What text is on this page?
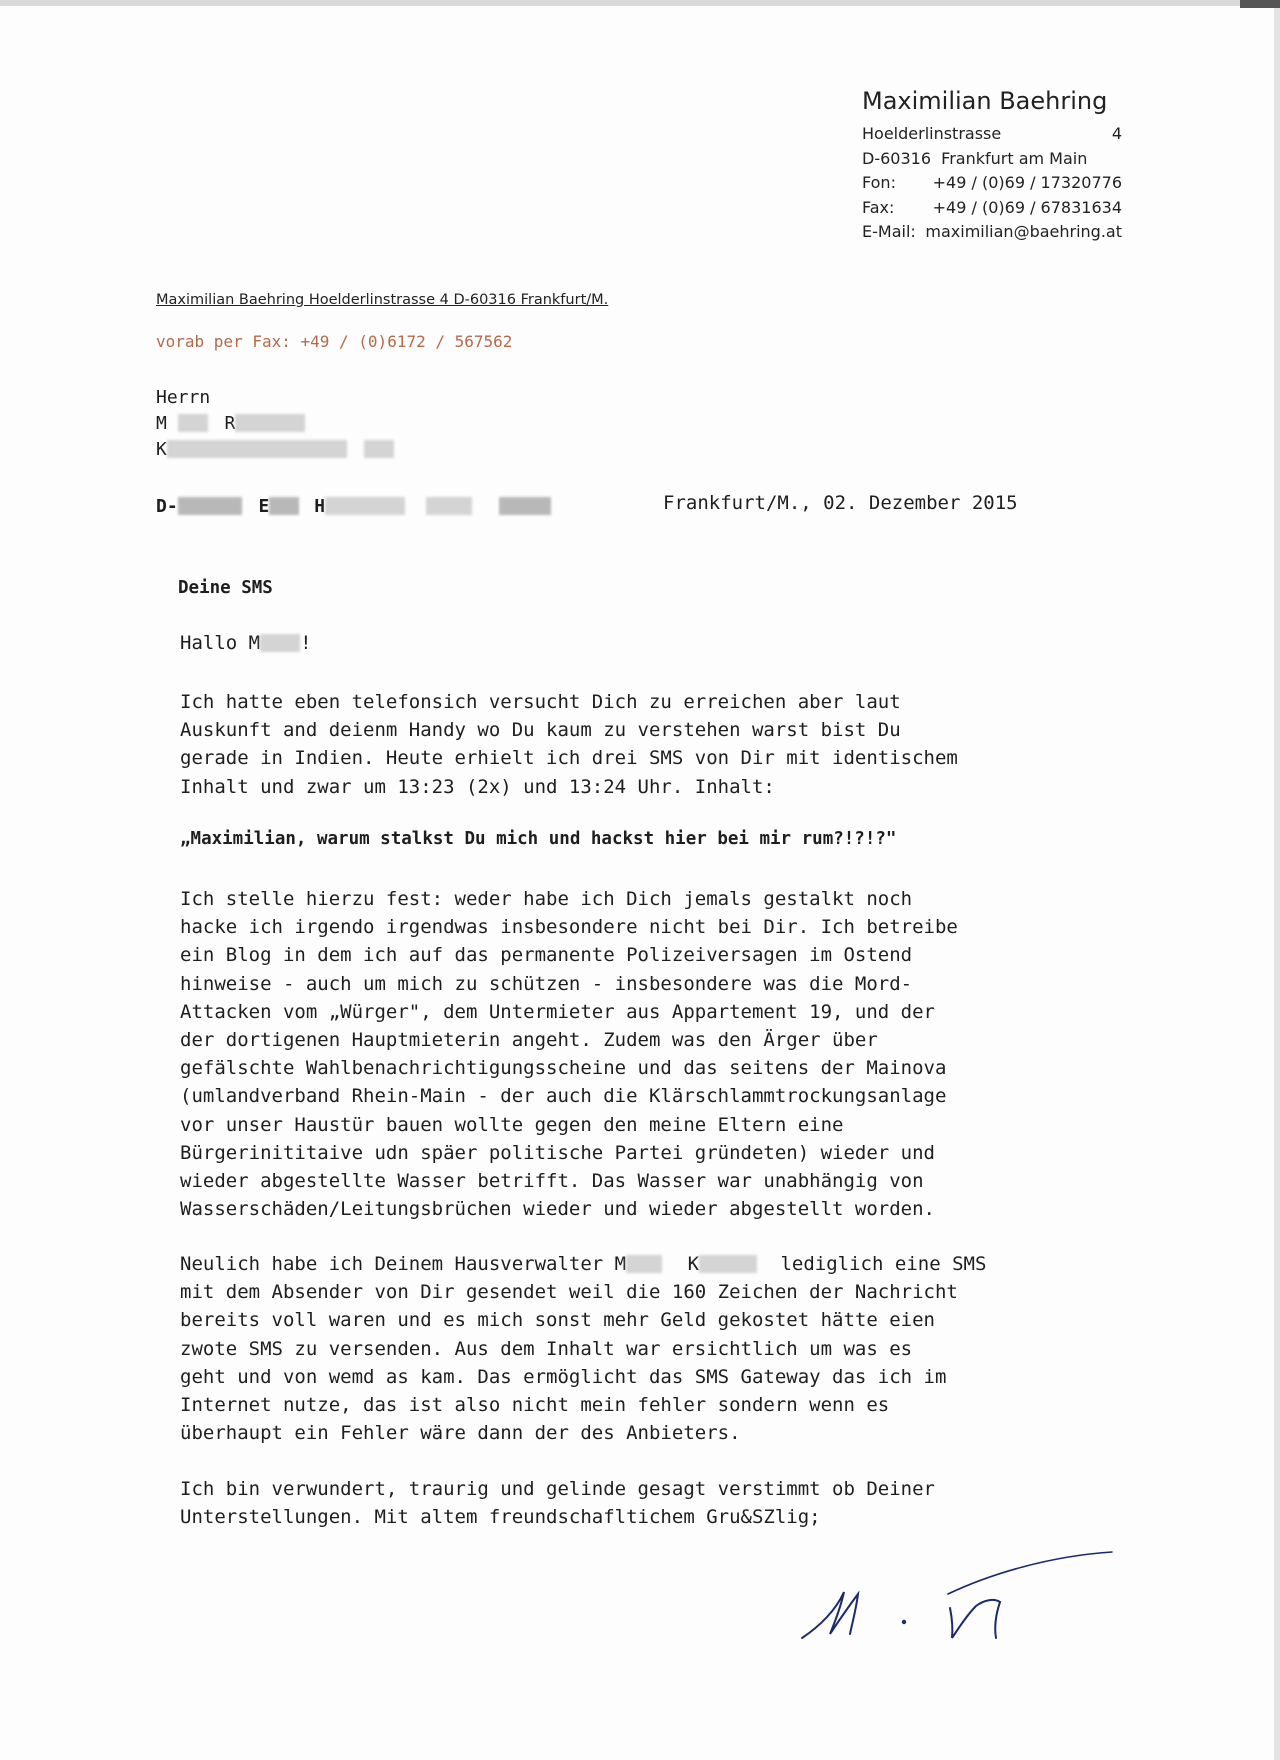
Maximilian Baehring
Hoelderlinstrasse	4
D-60316  Frankfurt am Main
Fon: +49 / (0)69 / 17320776
Fax: +49 / (0)69 / 67831634
E-Mail: maximilian@baehring.at
Maximilian Baehring Hoelderlinstrasse 4 D-60316 Frankfurt/M.
vorab per Fax: +49 / (0)6172 / 567562
Herrn
M	R
K
D-	E H	Frankfurt/M., 02. Dezember 2015
Deine SMS
Hallo M !
Ich hatte eben telefonsich versucht Dich zu erreichen aber laut
Auskunft and deienm Handy wo Du kaum zu verstehen warst bist Du
gerade in Indien. Heute erhielt ich drei SMS von Dir mit identischem
Inhalt und zwar um 13:23 (2x) und 13:24 Uhr. Inhalt:
„Maximilian, warum stalkst Du mich und hackst hier bei mir rum?!?!?"
Ich stelle hierzu fest: weder habe ich Dich jemals gestalkt noch
hacke ich irgendo irgendwas insbesondere nicht bei Dir. Ich betreibe
ein Blog in dem ich auf das permanente Polizeiversagen im Ostend
hinweise - auch um mich zu schützen - insbesondere was die Mord-
Attacken vom „Würger", dem Untermieter aus Appartement 19, und der
der dortigenen Hauptmieterin angeht. Zudem was den Ärger über
gefälschte Wahlbenachrichtigungsscheine und das seitens der Mainova
(umlandverband Rhein-Main - der auch die Klärschlammtrockungsanlage
vor unser Haustür bauen wollte gegen den meine Eltern eine
Bürgerinititaive udn späer politische Partei gründeten) wieder und
wieder abgestellte Wasser betrifft. Das Wasser war unabhängig von
Wasserschäden/Leitungsbrüchen wieder und wieder abgestellt worden.
Neulich habe ich Deinem Hausverwalter M	K	lediglich eine SMS
mit dem Absender von Dir gesendet weil die 160 Zeichen der Nachricht
bereits voll waren und es mich sonst mehr Geld gekostet hätte eien
zwote SMS zu versenden. Aus dem Inhalt war ersichtlich um was es
geht und von wemd as kam. Das ermöglicht das SMS Gateway das ich im
Internet nutze, das ist also nicht mein fehler sondern wenn es
überhaupt ein Fehler wäre dann der des Anbieters.
Ich bin verwundert, traurig und gelinde gesagt verstimmt ob Deiner
Unterstellungen. Mit altem freundschafltichem Gru&SZlig;
